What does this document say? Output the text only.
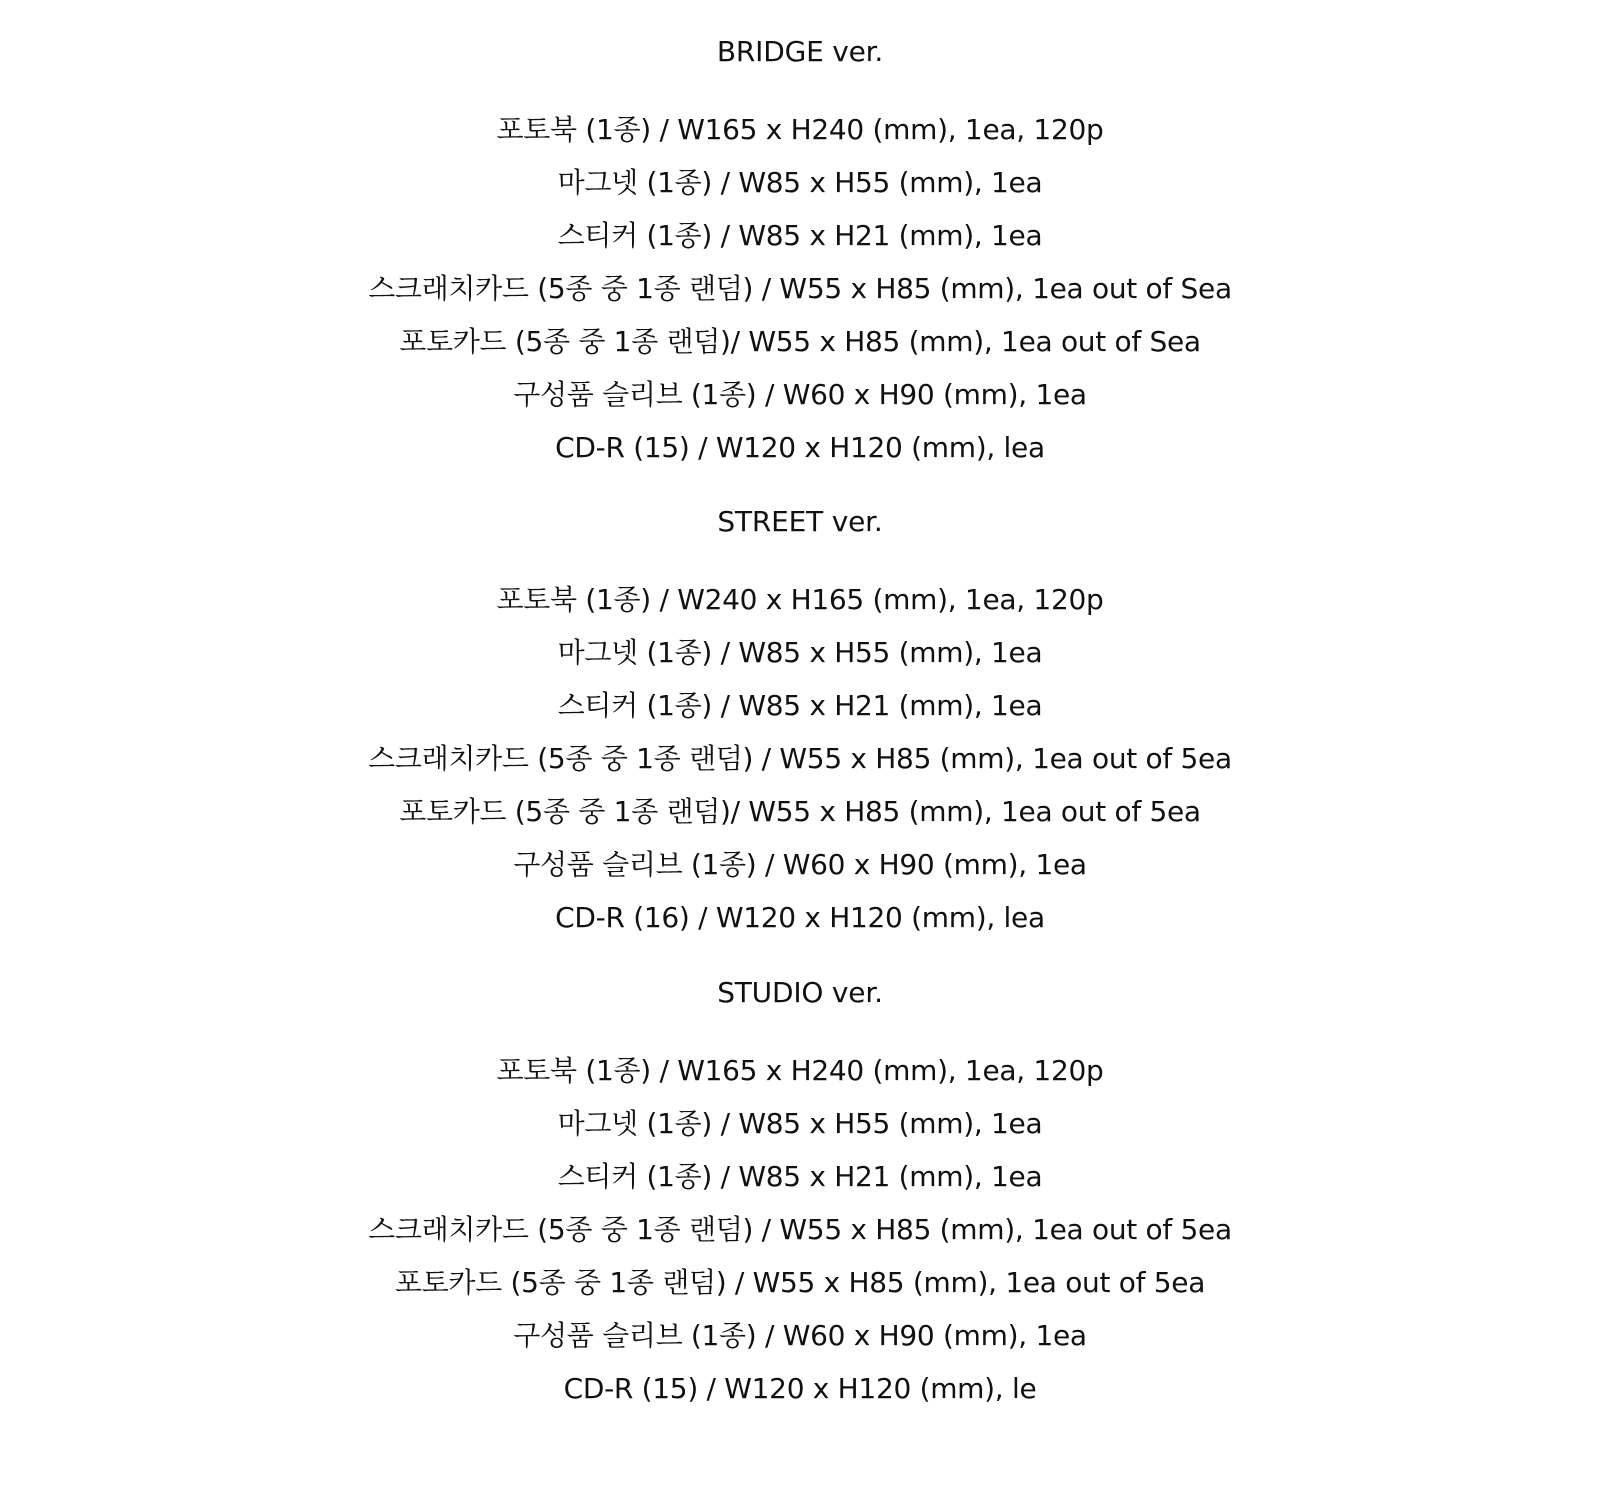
BRIDGE ver.
포토북 (1종) / W165 x H240 (mm), 1ea, 120p
마그넷 (1종) / W85 x H55 (mm), 1ea
스티커 (1종) / W85 x H21 (mm), 1ea
스크래치카드 (5종 중 1종 랜덤) / W55 x H85 (mm), 1ea out of Sea
포토카드 (5종 중 1종 랜덤)/ W55 x H85 (mm), 1ea out of Sea
구성품 슬리브 (1종) / W60 x H90 (mm), 1ea
CD-R (15) / W120 x H120 (mm), lea
STREET ver.
포토북 (1종) / W240 x H165 (mm), 1ea, 120p
마그넷 (1종) / W85 x H55 (mm), 1ea
스티커 (1종) / W85 x H21 (mm), 1ea
스크래치카드 (5종 중 1종 랜덤) / W55 x H85 (mm), 1ea out of 5ea
포토카드 (5종 중 1종 랜덤)/ W55 x H85 (mm), 1ea out of 5ea
구성품 슬리브 (1종) / W60 x H90 (mm), 1ea
CD-R (16) / W120 x H120 (mm), lea
STUDIO ver.
포토북 (1종) / W165 x H240 (mm), 1ea, 120p
마그넷 (1종) / W85 x H55 (mm), 1ea
스티커 (1종) / W85 x H21 (mm), 1ea
스크래치카드 (5종 중 1종 랜덤) / W55 x H85 (mm), 1ea out of 5ea
포토카드 (5종 중 1종 랜덤) / W55 x H85 (mm), 1ea out of 5ea
구성품 슬리브 (1종) / W60 x H90 (mm), 1ea
CD-R (15) / W120 x H120 (mm), le
